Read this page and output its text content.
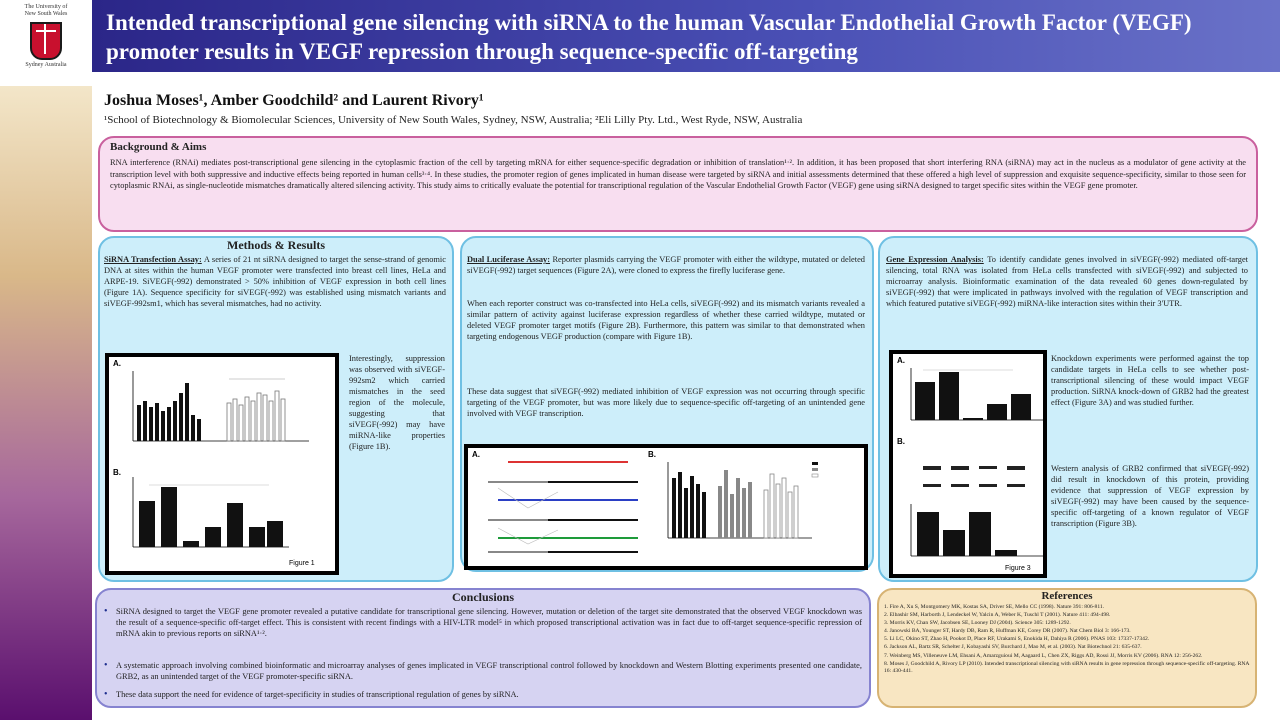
The University of
New South Wales
Sydney Australia
Intended transcriptional gene silencing with siRNA to the human Vascular Endothelial Growth Factor (VEGF) promoter results in VEGF repression through sequence-specific off-targeting
Joshua Moses¹, Amber Goodchild² and Laurent Rivory¹
¹School of Biotechnology & Biomolecular Sciences, University of New South Wales, Sydney, NSW, Australia; ²Eli Lilly Pty. Ltd., West Ryde, NSW, Australia
Background & Aims
RNA interference (RNAi) mediates post-transcriptional gene silencing in the cytoplasmic fraction of the cell by targeting mRNA for either sequence-specific degradation or inhibition of translation¹·². In addition, it has been proposed that short interfering RNA (siRNA) may act in the nucleus as a modulator of gene activity at the transcription level with both suppressive and inductive effects being reported in human cells³·⁴. In these studies, the promoter region of genes implicated in human disease were targeted by siRNA and initial assessments determined that these offered a high level of suppression and exquisite sequence-specificity, similar to those seen for cytoplasmic RNAi, as single-nucleotide mismatches dramatically altered silencing activity. This study aims to critically evaluate the potential for transcriptional regulation of the Vascular Endothelial Growth Factor (VEGF) gene using siRNA designed to target specific sites within the VEGF gene promoter.
Methods & Results
SiRNA Transfection Assay: A series of 21 nt siRNA designed to target the sense-strand of genomic DNA at sites within the human VEGF promoter were transfected into breast cell lines, HeLa and ARPE-19. SiVEGF(-992) demonstrated > 50% inhibition of VEGF expression in both cell lines (Figure 1A). Sequence specificity for siVEGF(-992) was established using mismatch variants and siVEGF-992sm1, which has several mismatches, had no activity.
Interestingly, suppression was observed with siVEGF-992sm2 which carried mismatches in the seed region of the molecule, suggesting that siVEGF(-992) may have miRNA-like properties (Figure 1B).
A.
B.
Figure 1
Dual Luciferase Assay: Reporter plasmids carrying the VEGF promoter with either the wildtype, mutated or deleted siVEGF(-992) target sequences (Figure 2A), were cloned to express the firefly luciferase gene.
When each reporter construct was co-transfected into HeLa cells, siVEGF(-992) and its mismatch variants revealed a similar pattern of activity against luciferase expression regardless of whether these carried wildtype, mutated or deleted VEGF promoter target motifs (Figure 2B). Furthermore, this pattern was similar to that demonstrated when targeting endogenous VEGF production (compare with Figure 1B).
These data suggest that siVEGF(-992) mediated inhibition of VEGF expression was not occurring through specific targeting of the VEGF promoter, but was more likely due to sequence-specific off-targeting of an unintended gene involved with VEGF transcription.
A.	B.
Gene Expression Analysis: To identify candidate genes involved in siVEGF(-992) mediated off-target silencing, total RNA was isolated from HeLa cells transfected with siVEGF(-992) and subjected to microarray analysis. Bioinformatic examination of the data revealed 60 genes down-regulated by siVEGF(-992) that were implicated in pathways involved with the regulation of VEGF transcription and which featured putative siVEGF(-992) miRNA-like interaction sites within their 3'UTR.
Knockdown experiments were performed against the top candidate targets in HeLa cells to see whether post-transcriptional silencing of these would impact VEGF production. SiRNA knock-down of GRB2 had the greatest effect (Figure 3A) and was studied further.
Western analysis of GRB2 confirmed that siVEGF(-992) did result in knockdown of this protein, providing evidence that suppression of VEGF expression by siVEGF(-992) may have been caused by the sequence-specific off-targeting of a known regulator of VEGF transcription (Figure 3B).
A.
B.
Figure 3
Conclusions
• SiRNA designed to target the VEGF gene promoter revealed a putative candidate for transcriptional gene silencing. However, mutation or deletion of the target site demonstrated that the observed VEGF knockdown was the result of a sequence-specific off-target effect. This is consistent with recent findings with a HIV-LTR model⁵ in which proposed transcriptional activation was in fact due to off-target sequence-specific repression of mRNA akin to previous reports on siRNA¹·².
• A systematic approach involving combined bioinformatic and microarray analyses of genes implicated in VEGF transcriptional control followed by knockdown and Western Blotting experiments presented one candidate, GRB2, as an unintended target of the VEGF promoter-specific siRNA.
• These data support the need for evidence of target-specificity in studies of transcriptional regulation of genes by siRNA.
References
1. Fire A, Xu S, Montgomery MK, Kostas SA, Driver SE, Mello CC (1998). Nature 391: 806-811.
2. Elbashir SM, Harborth J, Lendeckel W, Yalcin A, Weber K, Tuschl T (2001). Nature 411: 494-498.
3. Morris KV, Chan SW, Jacobsen SE, Looney DJ (2004). Science 305: 1289-1292.
4. Janowski BA, Younger ST, Hardy DB, Ram R, Huffman KE, Corey DR (2007). Nat Chem Biol 3: 166-173.
5. Li LC, Okino ST, Zhao H, Pookot D, Place RF, Urakami S, Enokida H, Dahiya R (2006). PNAS 103: 17337-17342.
6. Jackson AL, Bartz SR, Schelter J, Kobayashi SV, Burchard J, Mao M, et al. (2003). Nat Biotechnol 21: 635-637.
7. Weinberg MS, Villeneuve LM, Ehsani A, Amarzguioui M, Aagaard L, Chen ZX, Riggs AD, Rossi JJ, Morris KV (2006). RNA 12: 256-262.
8. Moses J, Goodchild A, Rivory LP (2010). Intended transcriptional silencing with siRNA results in gene repression through sequence-specific off-targeting. RNA 16: 430-441.
